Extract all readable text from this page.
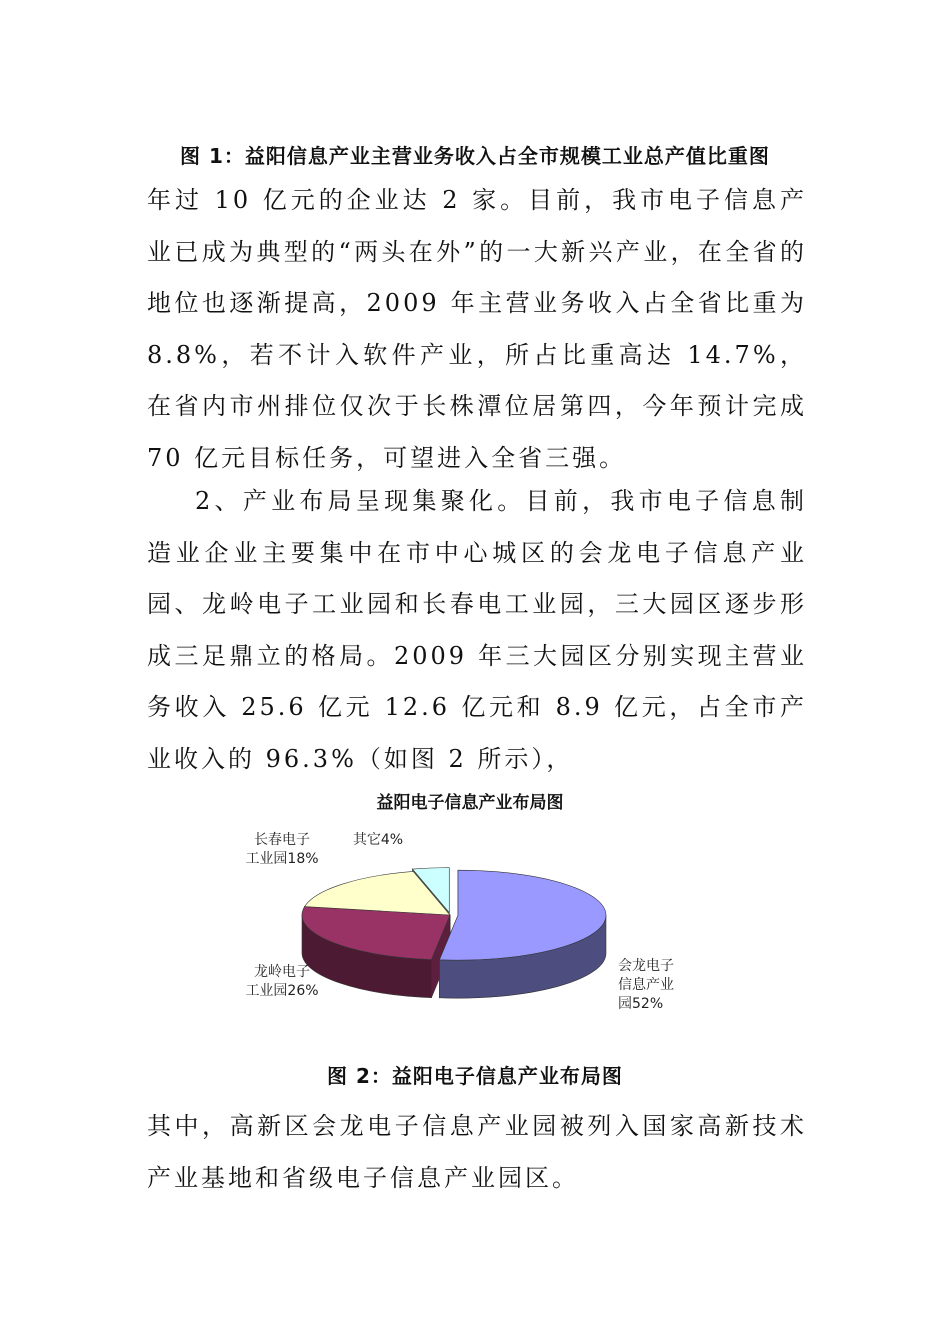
图 1：益阳信息产业主营业务收入占全市规模工业总产值比重图

年过 10 亿元的企业达 2 家。目前，我市电子信息产业已成为典型的“两头在外”的一大新兴产业，在全省的地位也逐渐提高，2009 年主营业务收入占全省比重为 8.8%，若不计入软件产业，所占比重高达 14.7%，在省内市州排位仅次于长株潭位居第四，今年预计完成 70 亿元目标任务，可望进入全省三强。

2、产业布局呈现集聚化。目前，我市电子信息制造业企业主要集中在市中心城区的会龙电子信息产业园、龙岭电子工业园和长春电工业园，三大园区逐步形成三足鼎立的格局。2009 年三大园区分别实现主营业务收入 25.6 亿元 12.6 亿元和 8.9 亿元，占全市产业收入的 96.3%（如图 2 所示），

益阳电子信息产业布局图
会龙电子信息产业园52%
龙岭电子工业园26%
长春电子工业园18%
其它4%
图 2：益阳电子信息产业布局图

其中，高新区会龙电子信息产业园被列入国家高新技术产业基地和省级电子信息产业园区。
